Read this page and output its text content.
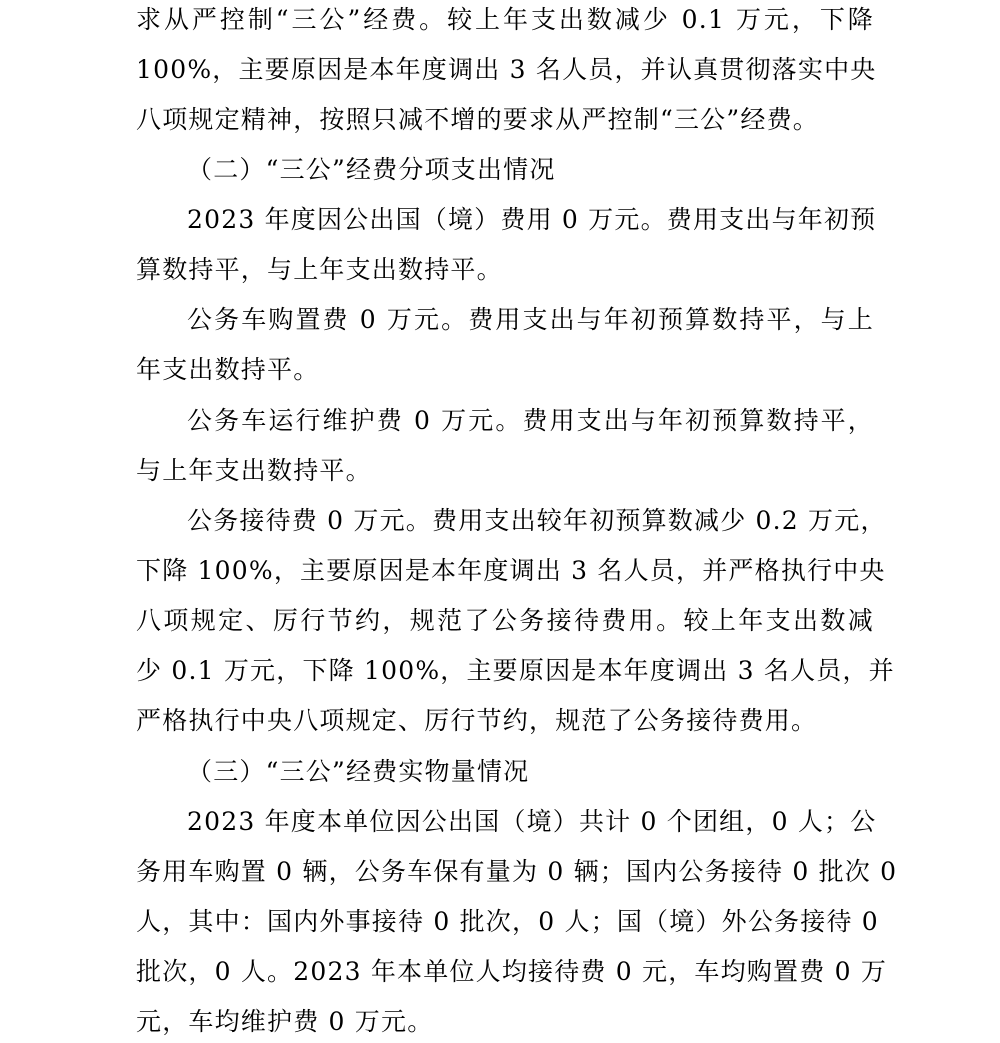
求从严控制“三公”经费。较上年支出数减少 0.1 万元，下降
100%，主要原因是本年度调出 3 名人员，并认真贯彻落实中央
八项规定精神，按照只减不增的要求从严控制“三公”经费。
（二）“三公”经费分项支出情况
2023 年度因公出国（境）费用 0 万元。费用支出与年初预
算数持平，与上年支出数持平。
公务车购置费 0 万元。费用支出与年初预算数持平，与上
年支出数持平。
公务车运行维护费 0 万元。费用支出与年初预算数持平，
与上年支出数持平。
公务接待费 0 万元。费用支出较年初预算数减少 0.2 万元，
下降 100%，主要原因是本年度调出 3 名人员，并严格执行中央
八项规定、厉行节约，规范了公务接待费用。较上年支出数减
少 0.1 万元，下降 100%，主要原因是本年度调出 3 名人员，并
严格执行中央八项规定、厉行节约，规范了公务接待费用。
（三）“三公”经费实物量情况
2023 年度本单位因公出国（境）共计 0 个团组，0 人；公
务用车购置 0 辆，公务车保有量为 0 辆；国内公务接待 0 批次 0
人，其中：国内外事接待 0 批次，0 人；国（境）外公务接待 0
批次，0 人。2023 年本单位人均接待费 0 元，车均购置费 0 万
元，车均维护费 0 万元。
